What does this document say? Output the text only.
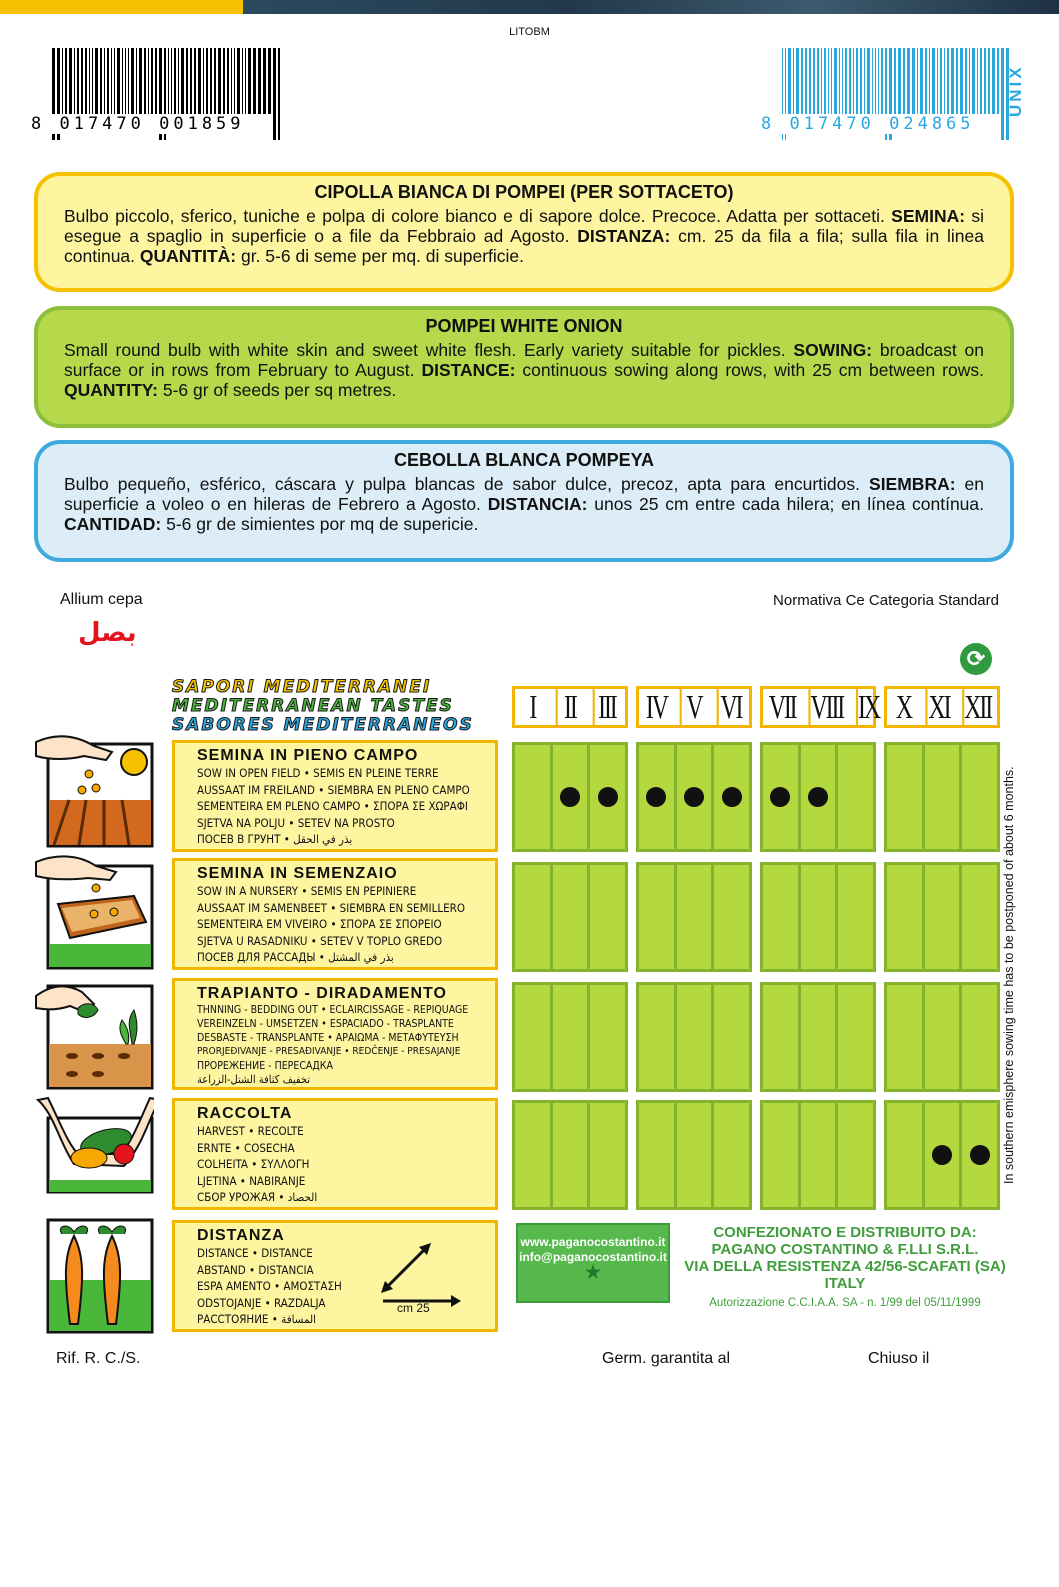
LITOBM
8 017470 001859	8 017470 024865
UNIX
CIPOLLA BIANCA DI POMPEI (PER SOTTACETO)

Bulbo piccolo, sferico, tuniche e polpa di colore bianco e di sapore dolce. Precoce. Adatta per sottaceti. SEMINA: si esegue a spaglio in superficie o a file da Febbraio ad Agosto. DISTANZA: cm. 25 da fila a fila; sulla fila in linea continua. QUANTITÀ: gr. 5-6 di seme per mq. di superficie.

POMPEI WHITE ONION

Small round bulb with white skin and sweet white flesh. Early variety suitable for pickles. SOWING: broadcast on surface or in rows from February to August. DISTANCE: continuous sowing along rows, with 25 cm between rows. QUANTITY: 5-6 gr of seeds per sq metres.

CEBOLLA BLANCA POMPEYA

Bulbo pequeño, esférico, cáscara y pulpa blancas de sabor dulce, precoz, apta para encurtidos. SIEMBRA: en superficie a voleo o en hileras de Febrero a Agosto. DISTANCIA: unos 25 cm entre cada hilera; en línea contínua. CANTIDAD: 5-6 gr de simientes por mq de supericie.

Allium cepa	Normativa Ce Categoria Standard
بصل
⟳
SAPORI MEDITERRANEI
MEDITERRANEAN TASTES
SABORES MEDITERRANEOS	I II III IV V VI VII VIII IX X XI XII
SEMINA IN PIENO CAMPO
SOW IN OPEN FIELD • SEMIS EN PLEINE TERRE
AUSSAAT IM FREILAND • SIEMBRA EN PLENO CAMPO
SEMENTEIRA EM PLENO CAMPO • ΣΠΟΡΑ ΣΕ ΧΩΡΑΦΙ
SJETVA NA POLJU • SETEV NA PROSTO
ПОСЕВ В ГРУНТ • بذر في الحقل
SEMINA IN SEMENZAIO
SOW IN A NURSERY • SEMIS EN PEPINIERE
AUSSAAT IM SAMENBEET • SIEMBRA EN SEMILLERO
SEMENTEIRA EM VIVEIRO • ΣΠΟΡΑ ΣΕ ΣΠΟΡΕΙΟ
SJETVA U RASADNIKU • SETEV V TOPLO GREDO
ПОСЕВ ДЛЯ РАССАДЫ • بذر في المشتل
TRAPIANTO - DIRADAMENTO
THNNING - BEDDING OUT • ECLAIRCISSAGE - REPIQUAGE
VEREINZELN - UMSETZEN • ESPACIADO - TRASPLANTE
DESBASTE - TRANSPLANTE • ΑΡΑΙΩΜΑ - ΜΕΤΑΦΥΤΕΥΣΗ
PRORJEĐIVANJE - PRESAĐIVANJE • REDČENJE - PRESAJANJE
ПРОРЕЖЕНИЕ - ПЕРЕСАДКА
تخفيف كثافة الشتل-الزراعة
RACCOLTA
HARVEST • RECOLTE
ERNTE • COSECHA
COLHEITA • ΣΥΛΛΟΓΗ
LJETINA • NABIRANJE
СБОР УРОЖАЯ • الحصاد
DISTANZA
DISTANCE • DISTANCE
ABSTAND • DISTANCIA
ESPA AMENTO • ΑΜΟΣΤΑΣΗ
ODSTOJANJE • RAZDALJA
РАССТОЯНИЕ • المسافة
cm 25
In southern emisphere sowing time has to be postponed of about 6 months.
www.paganocostantino.it
info@paganocostantino.it
★
CONFEZIONATO E DISTRIBUITO DA:
PAGANO COSTANTINO & F.LLI S.R.L.
VIA DELLA RESISTENZA 42/56-SCAFATI (SA)
ITALY
Autorizzazione C.C.I.A.A. SA - n. 1/99 del 05/11/1999
Rif. R. C./S.	Germ. garantita al	Chiuso il
